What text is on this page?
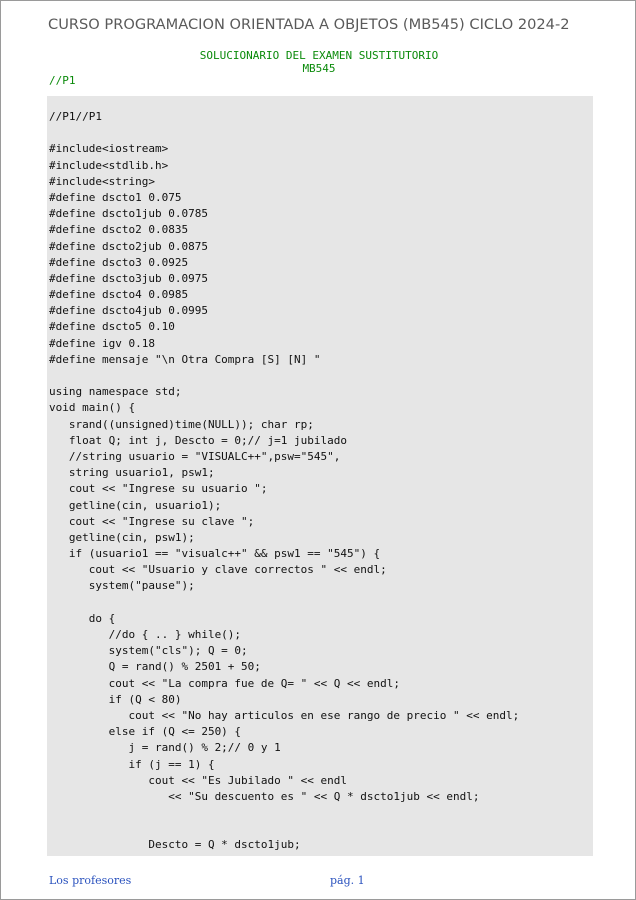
CURSO PROGRAMACION ORIENTADA A OBJETOS (MB545) CICLO 2024-2
SOLUCIONARIO DEL EXAMEN SUSTITUTORIO
MB545
//P1
//P1//P1
#include<iostream>
#include<stdlib.h>
#include<string>
#define dscto1 0.075
#define dscto1jub 0.0785
#define dscto2 0.0835
#define dscto2jub 0.0875
#define dscto3 0.0925
#define dscto3jub 0.0975
#define dscto4 0.0985
#define dscto4jub 0.0995
#define dscto5 0.10
#define igv 0.18
#define mensaje "\n Otra Compra [S] [N] "
using namespace std;
void main() {
srand((unsigned)time(NULL)); char rp;
float Q; int j, Descto = 0;// j=1 jubilado
//string usuario = "VISUALC++",psw="545",
string usuario1, psw1;
cout << "Ingrese su usuario ";
getline(cin, usuario1);
cout << "Ingrese su clave ";
getline(cin, psw1);
if (usuario1 == "visualc++" && psw1 == "545") {
cout << "Usuario y clave correctos " << endl;
system("pause");
do {
//do { .. } while();
system("cls"); Q = 0;
Q = rand() % 2501 + 50;
cout << "La compra fue de Q= " << Q << endl;
if (Q < 80)
cout << "No hay articulos en ese rango de precio " << endl;
else if (Q <= 250) {
j = rand() % 2;// 0 y 1
if (j == 1) {
cout << "Es Jubilado " << endl
<< "Su descuento es " << Q * dscto1jub << endl;
Descto = Q * dscto1jub;
Los profesores	pág. 1
